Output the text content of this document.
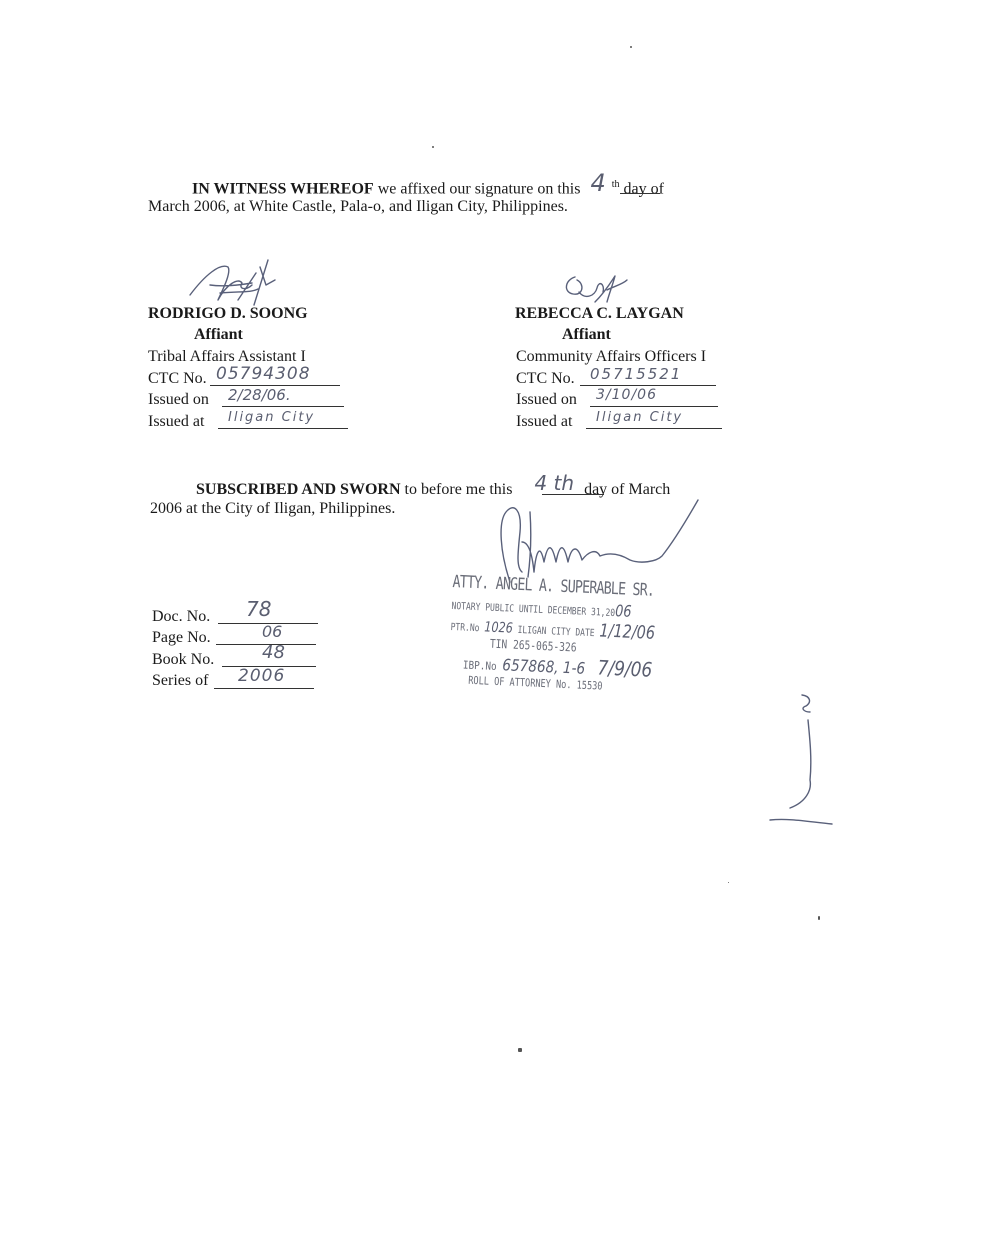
IN WITNESS WHEREOF we affixed our signature on this 4 $^{th}$ day of
March 2006, at White Castle, Pala-o, and Iligan City, Philippines.
RODRIGO D. SOONG
Affiant
Tribal Affairs Assistant I
CTC No. 05794308
Issued on 2/28/06.
Issued at Iligan City
REBECCA C. LAYGAN
Affiant
Community Affairs Officers I
CTC No. 05715521
Issued on 3/10/06
Issued at Iligan City
SUBSCRIBED AND SWORN to before me this 4 th day of March
2006 at the City of Iligan, Philippines.
ATTY. ANGEL A. SUPERABLE SR.
NOTARY PUBLIC UNTIL DECEMBER 31,2006
PTR.No 1026 ILIGAN CITY DATE 1/12/06
TIN 265-065-326
IBP.No 657868, 1-6 7/9/06
ROLL OF ATTORNEY No. 15530
Doc. No. 78
Page No.	06
Book No.	48
Series of 2006
